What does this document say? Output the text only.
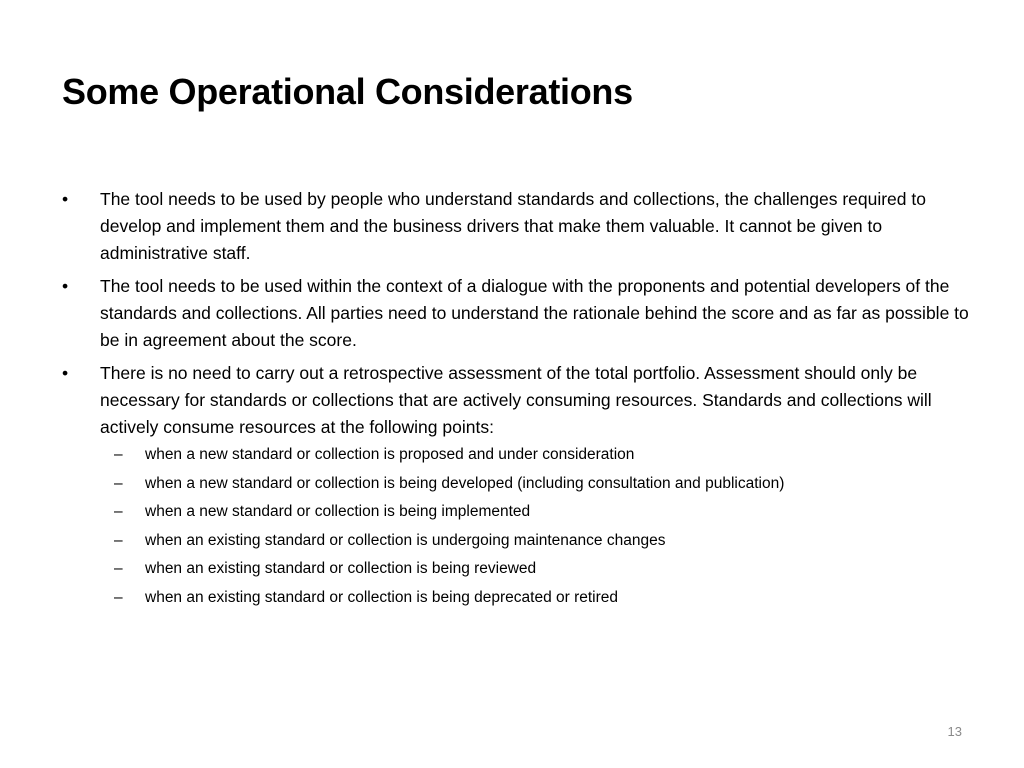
Some Operational Considerations
• The tool needs to be used by people who understand standards and collections, the challenges required to develop and implement them and the business drivers that make them valuable. It cannot be given to administrative staff.
• The tool needs to be used within the context of a dialogue with the proponents and potential developers of the standards and collections. All parties need to understand the rationale behind the score and as far as possible to be in agreement about the score.
• There is no need to carry out a retrospective assessment of the total portfolio. Assessment should only be necessary for standards or collections that are actively consuming resources. Standards and collections will actively consume resources at the following points:
– when a new standard or collection is proposed and under consideration
– when a new standard or collection is being developed (including consultation and publication)
– when a new standard or collection is being implemented
– when an existing standard or collection is undergoing maintenance changes
– when an existing standard or collection is being reviewed
– when an existing standard or collection is being deprecated or retired
13
